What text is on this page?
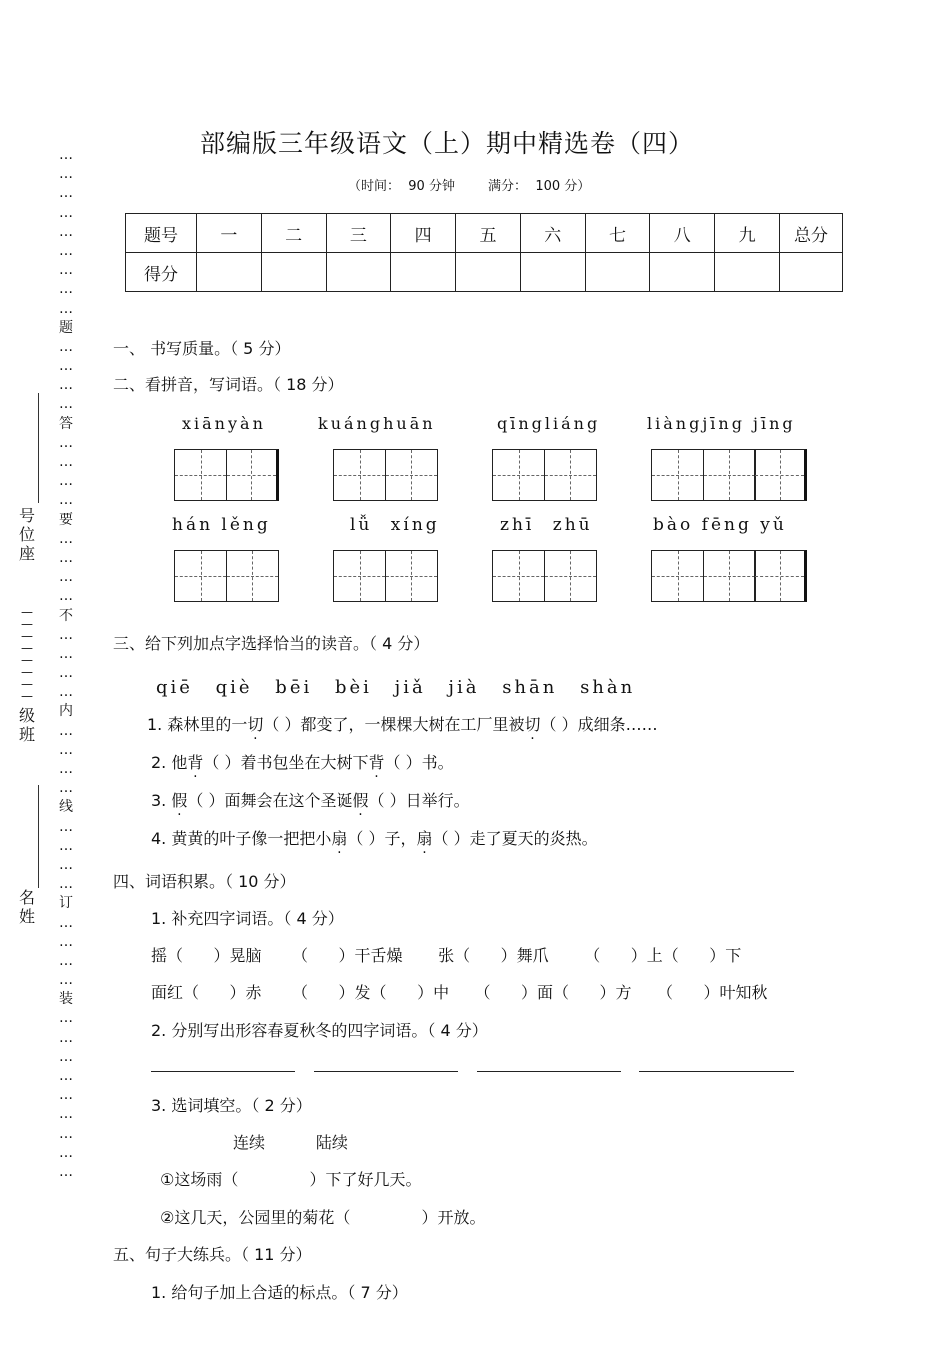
…
…
…
…
…
…
…
…
…
题
…
…
…
…
答
…
…
…
…
要
…
…
…
…
不
…
…
…
…
内
…
…
…
…
线
…
…
…
…
订
…
…
…
…
装
…
…
…
…
…
…
…
…
…
号
位
座
—
—
—
—
—
—
—
—
级
班
名
姓
部编版三年级语文（上）期中精选卷（四）
（时间： 90 分钟	满分： 100 分）
题号	一	二	三	四	五	六	七	八	九	总分
得分										
一、 书写质量。（ 5 分）
二、看拼音，写词语。（ 18 分）
xiānyàn	kuánghuān	qīngliáng	liàngjīng jīng
hán lěng	lǚ xíng	zhī zhū	bào fēng yǔ
三、给下列加点字选择恰当的读音。（ 4 分）
qiē qiè bēi bèi jiǎ jià shān shàn
1. 森林里的一切（ ）都变了，一棵棵大树在工厂里被切（ ）成细条……
2. 他背（ ）着书包坐在大树下背（ ）书。
3. 假（ ）面舞会在这个圣诞假（ ）日举行。
4. 黄黄的叶子像一把把小扇（ ）子，扇（ ）走了夏天的炎热。
四、词语积累。（ 10 分）
1. 补充四字词语。（ 4 分）
摇（      ）晃脑      （      ）干舌燥       张（      ）舞爪       （      ）上（      ）下
面红（      ）赤      （      ）发（      ）中     （      ）面（      ）方     （      ）叶知秋
2. 分别写出形容春夏秋冬的四字词语。（ 4 分）
3. 选词填空。（ 2 分）
连续          陆续
①这场雨（              ）下了好几天。
②这几天，公园里的菊花（              ）开放。
五、句子大练兵。（ 11 分）
1. 给句子加上合适的标点。（ 7 分）
